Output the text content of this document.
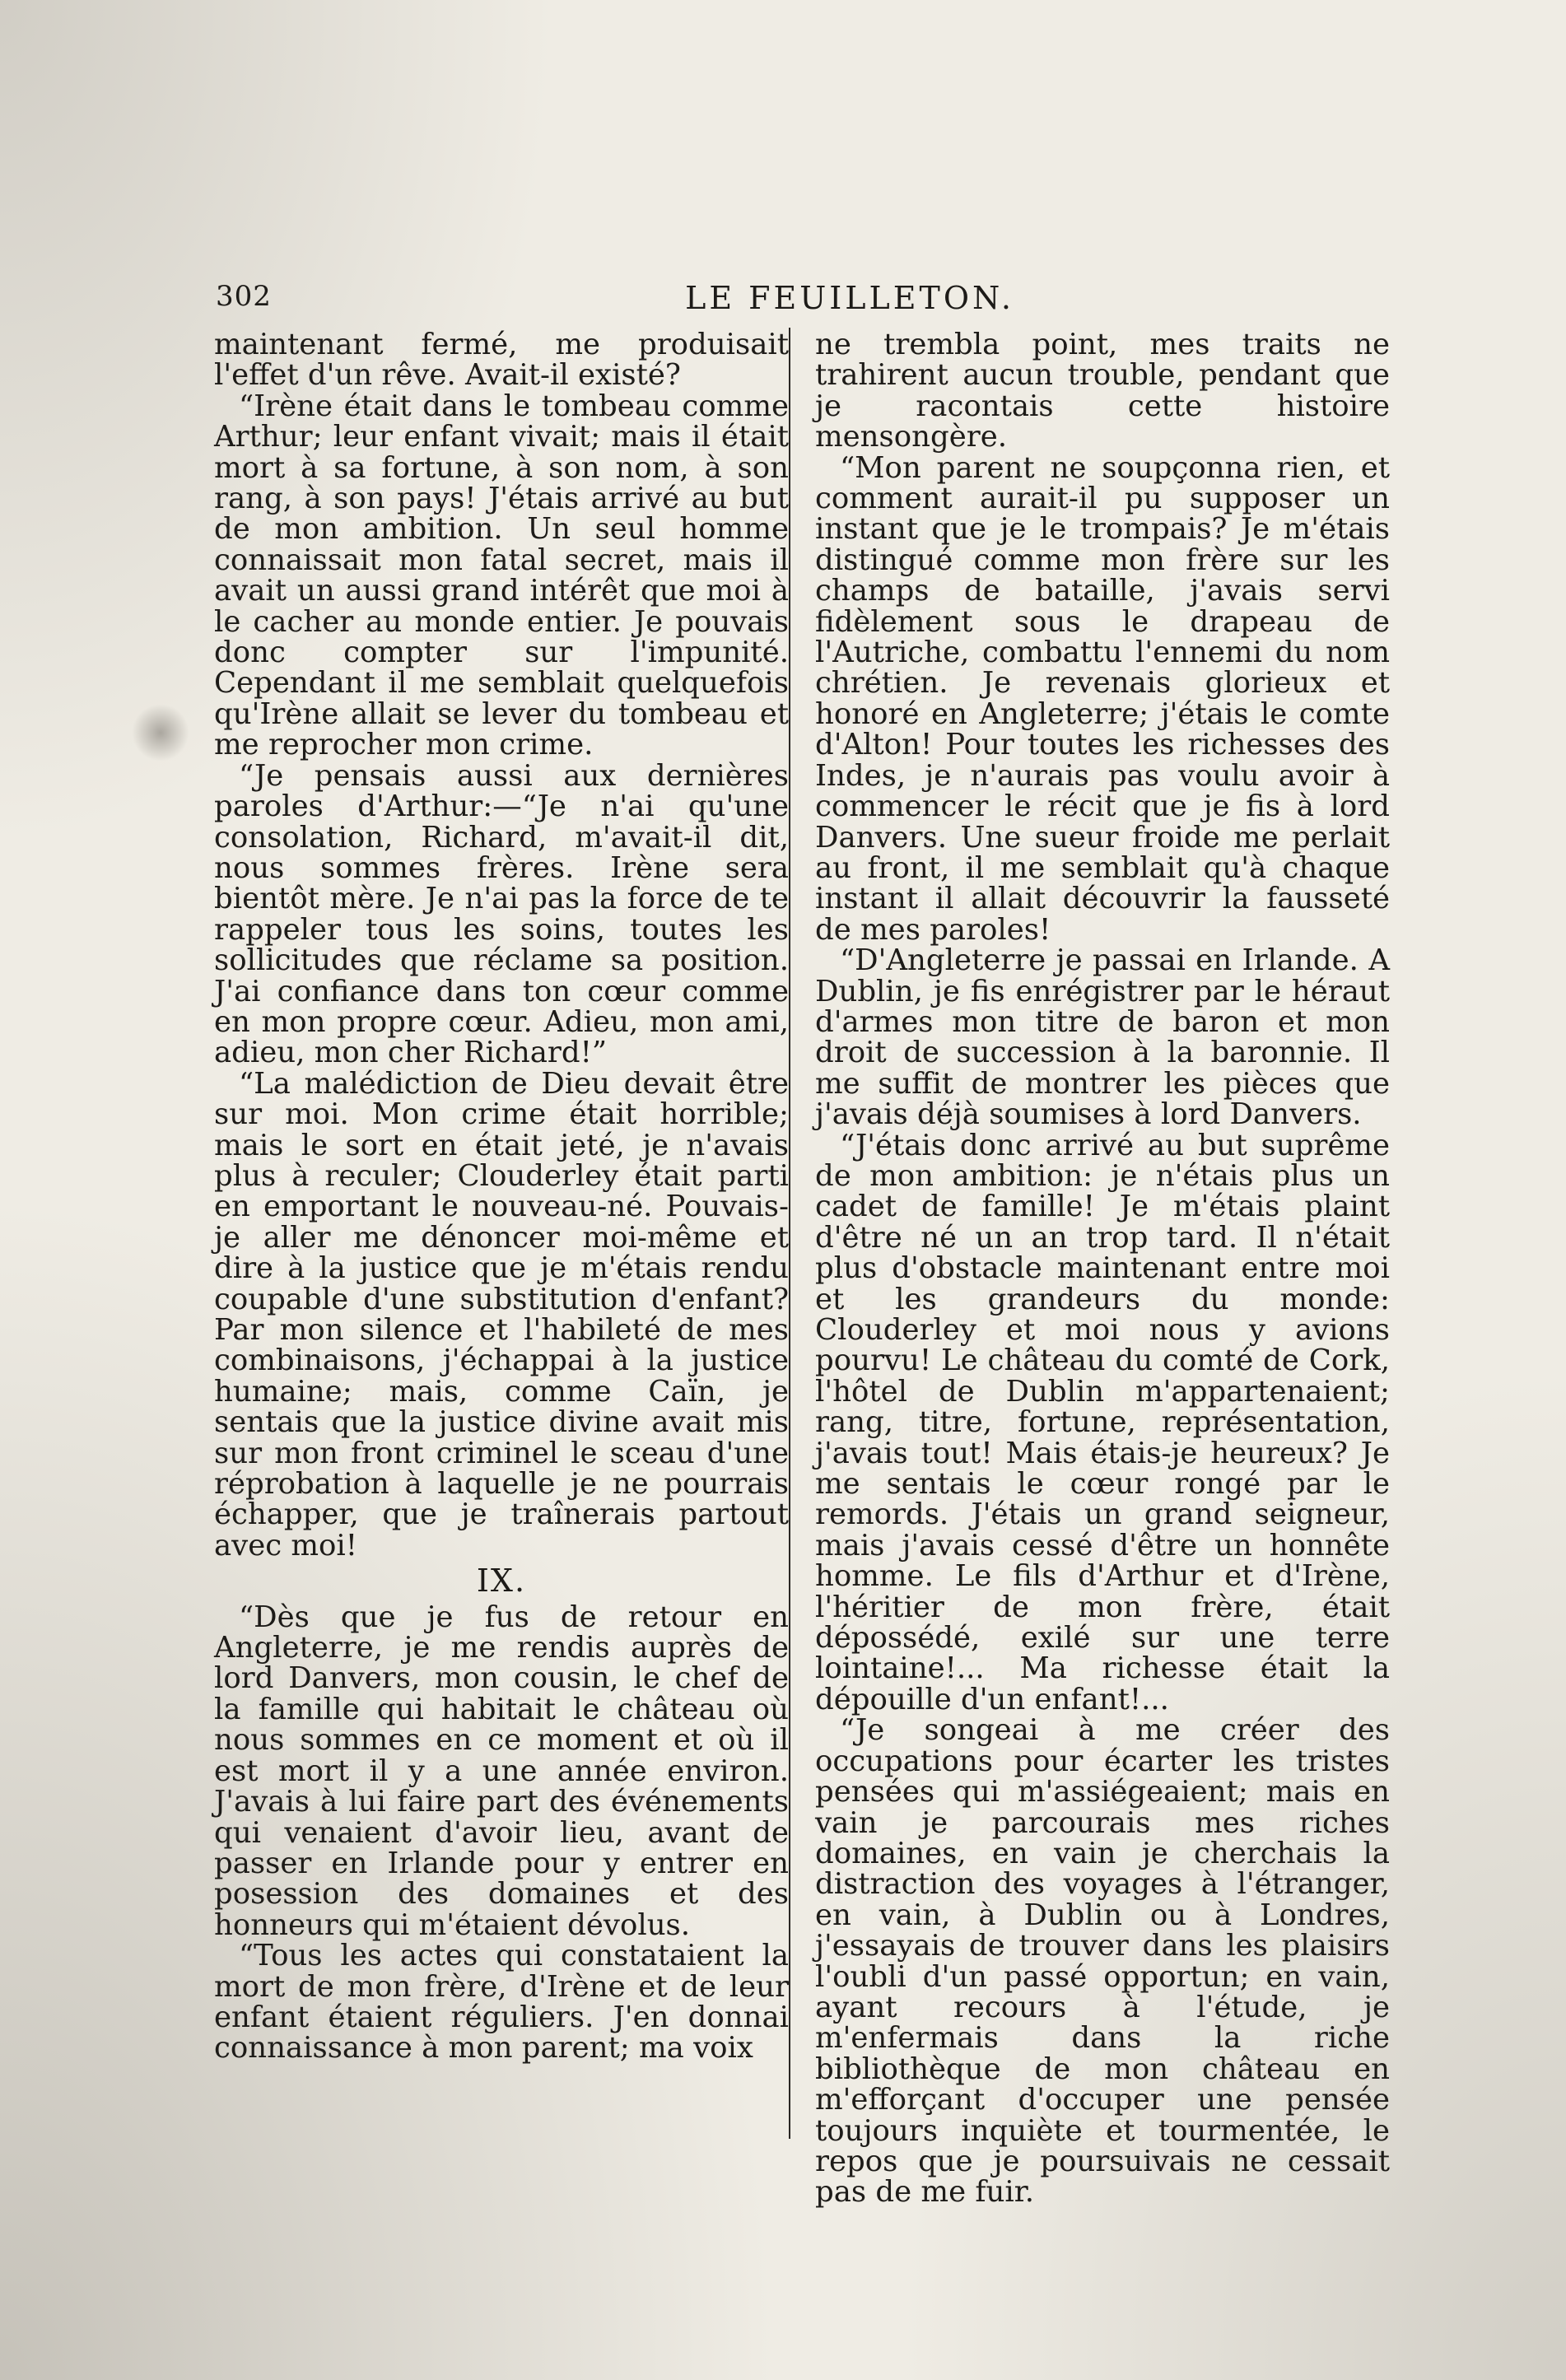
302	LE FEUILLETON.

maintenant fermé, me produisait l'effet d'un rêve. Avait-il existé?

“Irène était dans le tombeau comme Arthur; leur enfant vivait; mais il était mort à sa fortune, à son nom, à son rang, à son pays! J'étais arrivé au but de mon ambition. Un seul homme connaissait mon fatal secret, mais il avait un aussi grand intérêt que moi à le cacher au monde entier. Je pouvais donc compter sur l'impunité. Cependant il me semblait quelquefois qu'Irène allait se lever du tombeau et me reprocher mon crime.

“Je pensais aussi aux dernières paroles d'Arthur:—“Je n'ai qu'une consolation, Richard, m'avait-il dit, nous sommes frères. Irène sera bientôt mère. Je n'ai pas la force de te rappeler tous les soins, toutes les sollicitudes que réclame sa position. J'ai confiance dans ton cœur comme en mon propre cœur. Adieu, mon ami, adieu, mon cher Richard!”

“La malédiction de Dieu devait être sur moi. Mon crime était horrible; mais le sort en était jeté, je n'avais plus à reculer; Clouderley était parti en emportant le nouveau-né. Pouvais-je aller me dénoncer moi-même et dire à la justice que je m'étais rendu coupable d'une substitution d'enfant? Par mon silence et l'habileté de mes combinaisons, j'échappai à la justice humaine; mais, comme Caïn, je sentais que la justice divine avait mis sur mon front criminel le sceau d'une réprobation à laquelle je ne pourrais échapper, que je traînerais partout avec moi!

IX.

“Dès que je fus de retour en Angleterre, je me rendis auprès de lord Danvers, mon cousin, le chef de la famille qui habitait le château où nous sommes en ce moment et où il est mort il y a une année environ. J'avais à lui faire part des événements qui venaient d'avoir lieu, avant de passer en Irlande pour y entrer en posession des domaines et des honneurs qui m'étaient dévolus.

“Tous les actes qui constataient la mort de mon frère, d'Irène et de leur enfant étaient réguliers. J'en donnai connaissance à mon parent; ma voix

ne trembla point, mes traits ne trahirent aucun trouble, pendant que je racontais cette histoire mensongère.

“Mon parent ne soupçonna rien, et comment aurait-il pu supposer un instant que je le trompais? Je m'étais distingué comme mon frère sur les champs de bataille, j'avais servi fidèlement sous le drapeau de l'Autriche, combattu l'ennemi du nom chrétien. Je revenais glorieux et honoré en Angleterre; j'étais le comte d'Alton! Pour toutes les richesses des Indes, je n'aurais pas voulu avoir à commencer le récit que je fis à lord Danvers. Une sueur froide me perlait au front, il me semblait qu'à chaque instant il allait découvrir la fausseté de mes paroles!

“D'Angleterre je passai en Irlande. A Dublin, je fis enrégistrer par le héraut d'armes mon titre de baron et mon droit de succession à la baronnie. Il me suffit de montrer les pièces que j'avais déjà soumises à lord Danvers.

“J'étais donc arrivé au but suprême de mon ambition: je n'étais plus un cadet de famille! Je m'étais plaint d'être né un an trop tard. Il n'était plus d'obstacle maintenant entre moi et les grandeurs du monde: Clouderley et moi nous y avions pourvu! Le château du comté de Cork, l'hôtel de Dublin m'appartenaient; rang, titre, fortune, représentation, j'avais tout! Mais étais-je heureux? Je me sentais le cœur rongé par le remords. J'étais un grand seigneur, mais j'avais cessé d'être un honnête homme. Le fils d'Arthur et d'Irène, l'héritier de mon frère, était dépossédé, exilé sur une terre lointaine!... Ma richesse était la dépouille d'un enfant!...

“Je songeai à me créer des occupations pour écarter les tristes pensées qui m'assiégeaient; mais en vain je parcourais mes riches domaines, en vain je cherchais la distraction des voyages à l'étranger, en vain, à Dublin ou à Londres, j'essayais de trouver dans les plaisirs l'oubli d'un passé opportun; en vain, ayant recours à l'étude, je m'enfermais dans la riche bibliothèque de mon château en m'efforçant d'occuper une pensée toujours inquiète et tourmentée, le repos que je poursuivais ne cessait pas de me fuir.
